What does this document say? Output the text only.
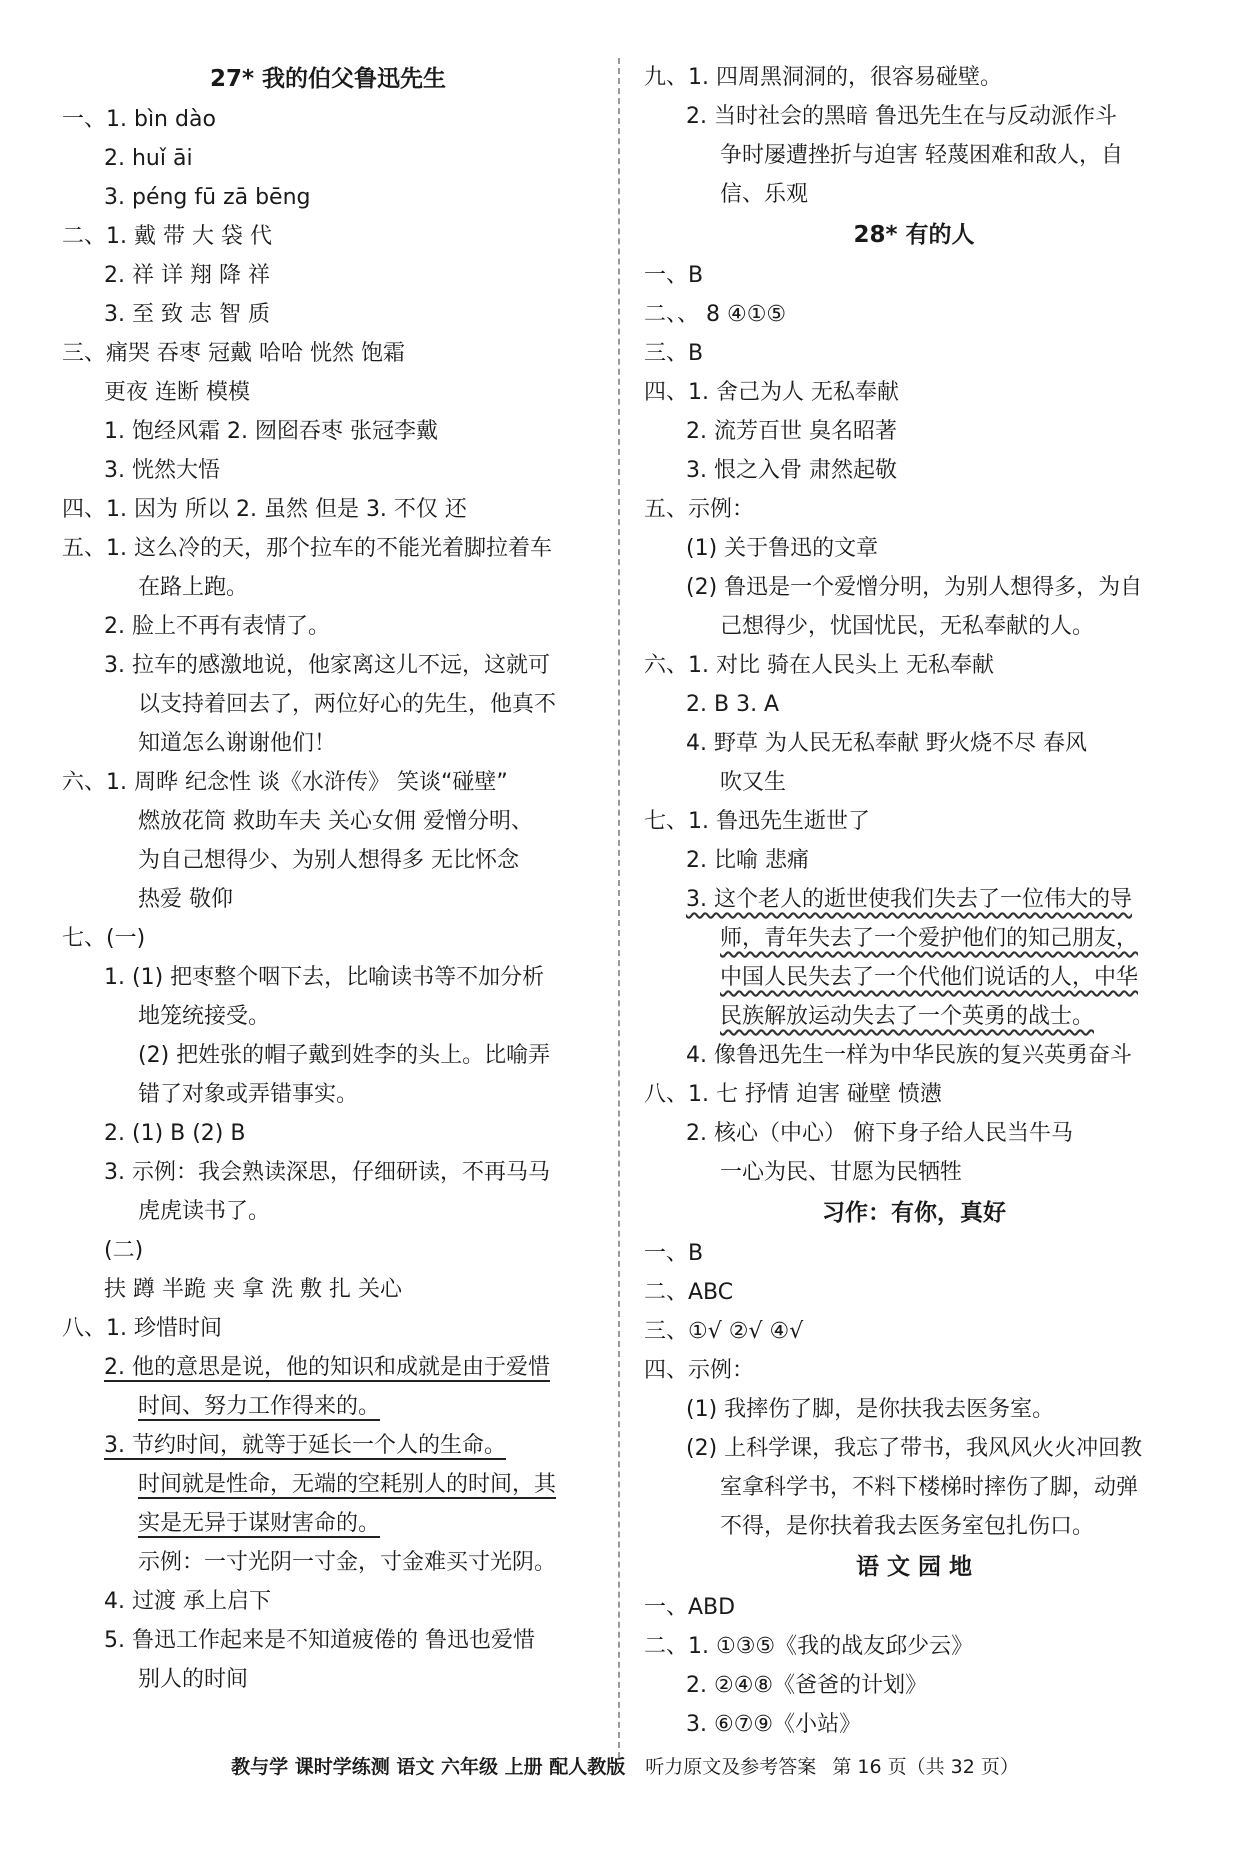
27* 我的伯父鲁迅先生
一、1. bìn dào
2. huǐ āi
3. péng fū zā bēng
二、1. 戴 带 大 袋 代
2. 祥 详 翔 降 祥
3. 至 致 志 智 质
三、痛哭 吞枣 冠戴 哈哈 恍然 饱霜
更夜 连断 模模
1. 饱经风霜 2. 囫囵吞枣 张冠李戴
3. 恍然大悟
四、1. 因为 所以 2. 虽然 但是 3. 不仅 还
五、1. 这么冷的天，那个拉车的不能光着脚拉着车
在路上跑。
2. 脸上不再有表情了。
3. 拉车的感激地说，他家离这儿不远，这就可
以支持着回去了，两位好心的先生，他真不
知道怎么谢谢他们！
六、1. 周晔 纪念性 谈《水浒传》 笑谈“碰壁”
燃放花筒 救助车夫 关心女佣 爱憎分明、
为自己想得少、为别人想得多 无比怀念
热爱 敬仰
七、(一)
1. (1) 把枣整个咽下去，比喻读书等不加分析
地笼统接受。
(2) 把姓张的帽子戴到姓李的头上。比喻弄
错了对象或弄错事实。
2. (1) B (2) B
3. 示例：我会熟读深思，仔细研读，不再马马
虎虎读书了。
(二)
扶 蹲 半跪 夹 拿 洗 敷 扎 关心
八、1. 珍惜时间
2. 他的意思是说，他的知识和成就是由于爱惜
时间、努力工作得来的。
3. 节约时间，就等于延长一个人的生命。
时间就是性命，无端的空耗别人的时间，其
实是无异于谋财害命的。
示例：一寸光阴一寸金，寸金难买寸光阴。
4. 过渡 承上启下
5. 鲁迅工作起来是不知道疲倦的 鲁迅也爱惜
别人的时间
九、1. 四周黑洞洞的，很容易碰壁。
2. 当时社会的黑暗 鲁迅先生在与反动派作斗
争时屡遭挫折与迫害 轻蔑困难和敌人，自
信、乐观
28* 有的人
一、B
二、、 8 ④①⑤
三、B
四、1. 舍己为人 无私奉献
2. 流芳百世 臭名昭著
3. 恨之入骨 肃然起敬
五、示例：
(1) 关于鲁迅的文章
(2) 鲁迅是一个爱憎分明，为别人想得多，为自
己想得少，忧国忧民，无私奉献的人。
六、1. 对比 骑在人民头上 无私奉献
2. B 3. A
4. 野草 为人民无私奉献 野火烧不尽 春风
吹又生
七、1. 鲁迅先生逝世了
2. 比喻 悲痛
3. 这个老人的逝世使我们失去了一位伟大的导
师，青年失去了一个爱护他们的知己朋友，
中国人民失去了一个代他们说话的人，中华
民族解放运动失去了一个英勇的战士。
4. 像鲁迅先生一样为中华民族的复兴英勇奋斗
八、1. 七 抒情 迫害 碰壁 愤懑
2. 核心（中心） 俯下身子给人民当牛马
一心为民、甘愿为民牺牲
习作：有你，真好
一、B
二、ABC
三、①√ ②√ ④√
四、示例：
(1) 我摔伤了脚，是你扶我去医务室。
(2) 上科学课，我忘了带书，我风风火火冲回教
室拿科学书，不料下楼梯时摔伤了脚，动弹
不得，是你扶着我去医务室包扎伤口。
语 文 园 地
一、ABD
二、1. ①③⑤《我的战友邱少云》
2. ②④⑧《爸爸的计划》
3. ⑥⑦⑨《小站》
教与学 课时学练测 语文 六年级 上册 配人教版 听力原文及参考答案 第 16 页（共 32 页）
